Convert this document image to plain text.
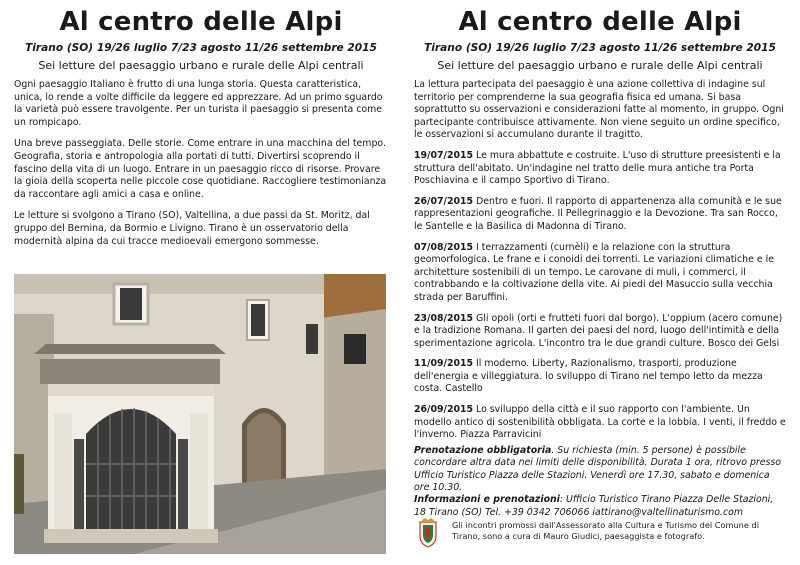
Al centro delle Alpi
Tirano (SO) 19/26 luglio 7/23 agosto 11/26 settembre 2015
Sei letture del paesaggio urbano e rurale delle Alpi centrali

Ogni paesaggio Italiano è frutto di una lunga storia. Questa caratteristica, unica, lo rende a volte difficile da leggere ed apprezzare. Ad un primo sguardo la varietà può essere travolgente. Per un turista il paesaggio si presenta come un rompicapo.

Una breve passeggiata. Delle storie. Come entrare in una macchina del tempo. Geografia, storia e antropologia alla portati di tutti. Divertirsi scoprendo il fascino della vita di un luogo. Entrare in un paesaggio ricco di risorse. Provare la gioia della scoperta nelle piccole cose quotidiane. Raccogliere testimonianza da raccontare agli amici a casa e online.

Le letture si svolgono a Tirano (SO), Valtellina, a due passi da St. Moritz, dal gruppo del Bernina, da Bormio e Livigno. Tirano è un osservatorio della modernità alpina da cui tracce medioevali emergono sommesse.

Al centro delle Alpi
Tirano (SO) 19/26 luglio 7/23 agosto 11/26 settembre 2015
Sei letture del paesaggio urbano e rurale delle Alpi centrali

La lettura partecipata del paesaggio è una azione collettiva di indagine sul territorio per comprenderne la sua geografia fisica ed umana. Si basa soprattutto su osservazioni e considerazioni fatte al momento, in gruppo. Ogni partecipante contribuisce attivamente. Non viene seguito un ordine specifico, le osservazioni si accumulano durante il tragitto.

19/07/2015 Le mura abbattute e costruite. L'uso di strutture preesistenti e la struttura dell'abitato. Un'indagine nel tratto delle mura antiche tra Porta Poschiavina e il campo Sportivo di Tirano.

26/07/2015 Dentro e fuori. Il rapporto di appartenenza alla comunità e le sue rappresentazioni geografiche. Il Pellegrinaggio e la Devozione. Tra san Rocco, le Santelle e la Basilica di Madonna di Tirano.

07/08/2015 I terrazzamenti (curnèli) e la relazione con la struttura geomorfologica. Le frane e i conoidi dei torrenti. Le variazioni climatiche e le architetture sostenibili di un tempo. Le carovane di muli, i commerci, il contrabbando e la coltivazione della vite. Ai piedi del Masuccio sulla vecchia strada per Baruffini.

23/08/2015 Gli opoli (orti e frutteti fuori dal borgo). L'oppium (acero comune) e la tradizione Romana. Il garten dei paesi del nord, luogo dell'intimità e della sperimentazione agricola. L'incontro tra le due grandi culture. Bosco dei Gelsi

11/09/2015 Il moderno. Liberty, Razionalismo, trasporti, produzione dell'energia e villeggiatura. lo sviluppo di Tirano nel tempo letto da mezza costa. Castello

26/09/2015 Lo sviluppo della città e il suo rapporto con l'ambiente. Un modello antico di sostenibilità obbligata. La corte e la lobbia. I venti, il freddo e l'inverno. Piazza Parravicini

Prenotazione obbligatoria. Su richiesta (min. 5 persone) è possibile concordare altra data nei limiti delle disponibilità. Durata 1 ora, ritrovo presso Ufficio Turistico Piazza delle Stazioni. Venerdì ore 17.30, sabato e domenica ore 10.30.

Informazioni e prenotazioni: Ufficio Turistico Tirano Piazza Delle Stazioni, 18 Tirano (SO) Tel. +39 0342 706066 iattirano@valtellinaturismo.com

Gli incontri promossi dall'Assessorato alla Cultura e Turismo del Comune di Tirano, sono a cura di Mauro Giudici, paesaggista e fotografo.
